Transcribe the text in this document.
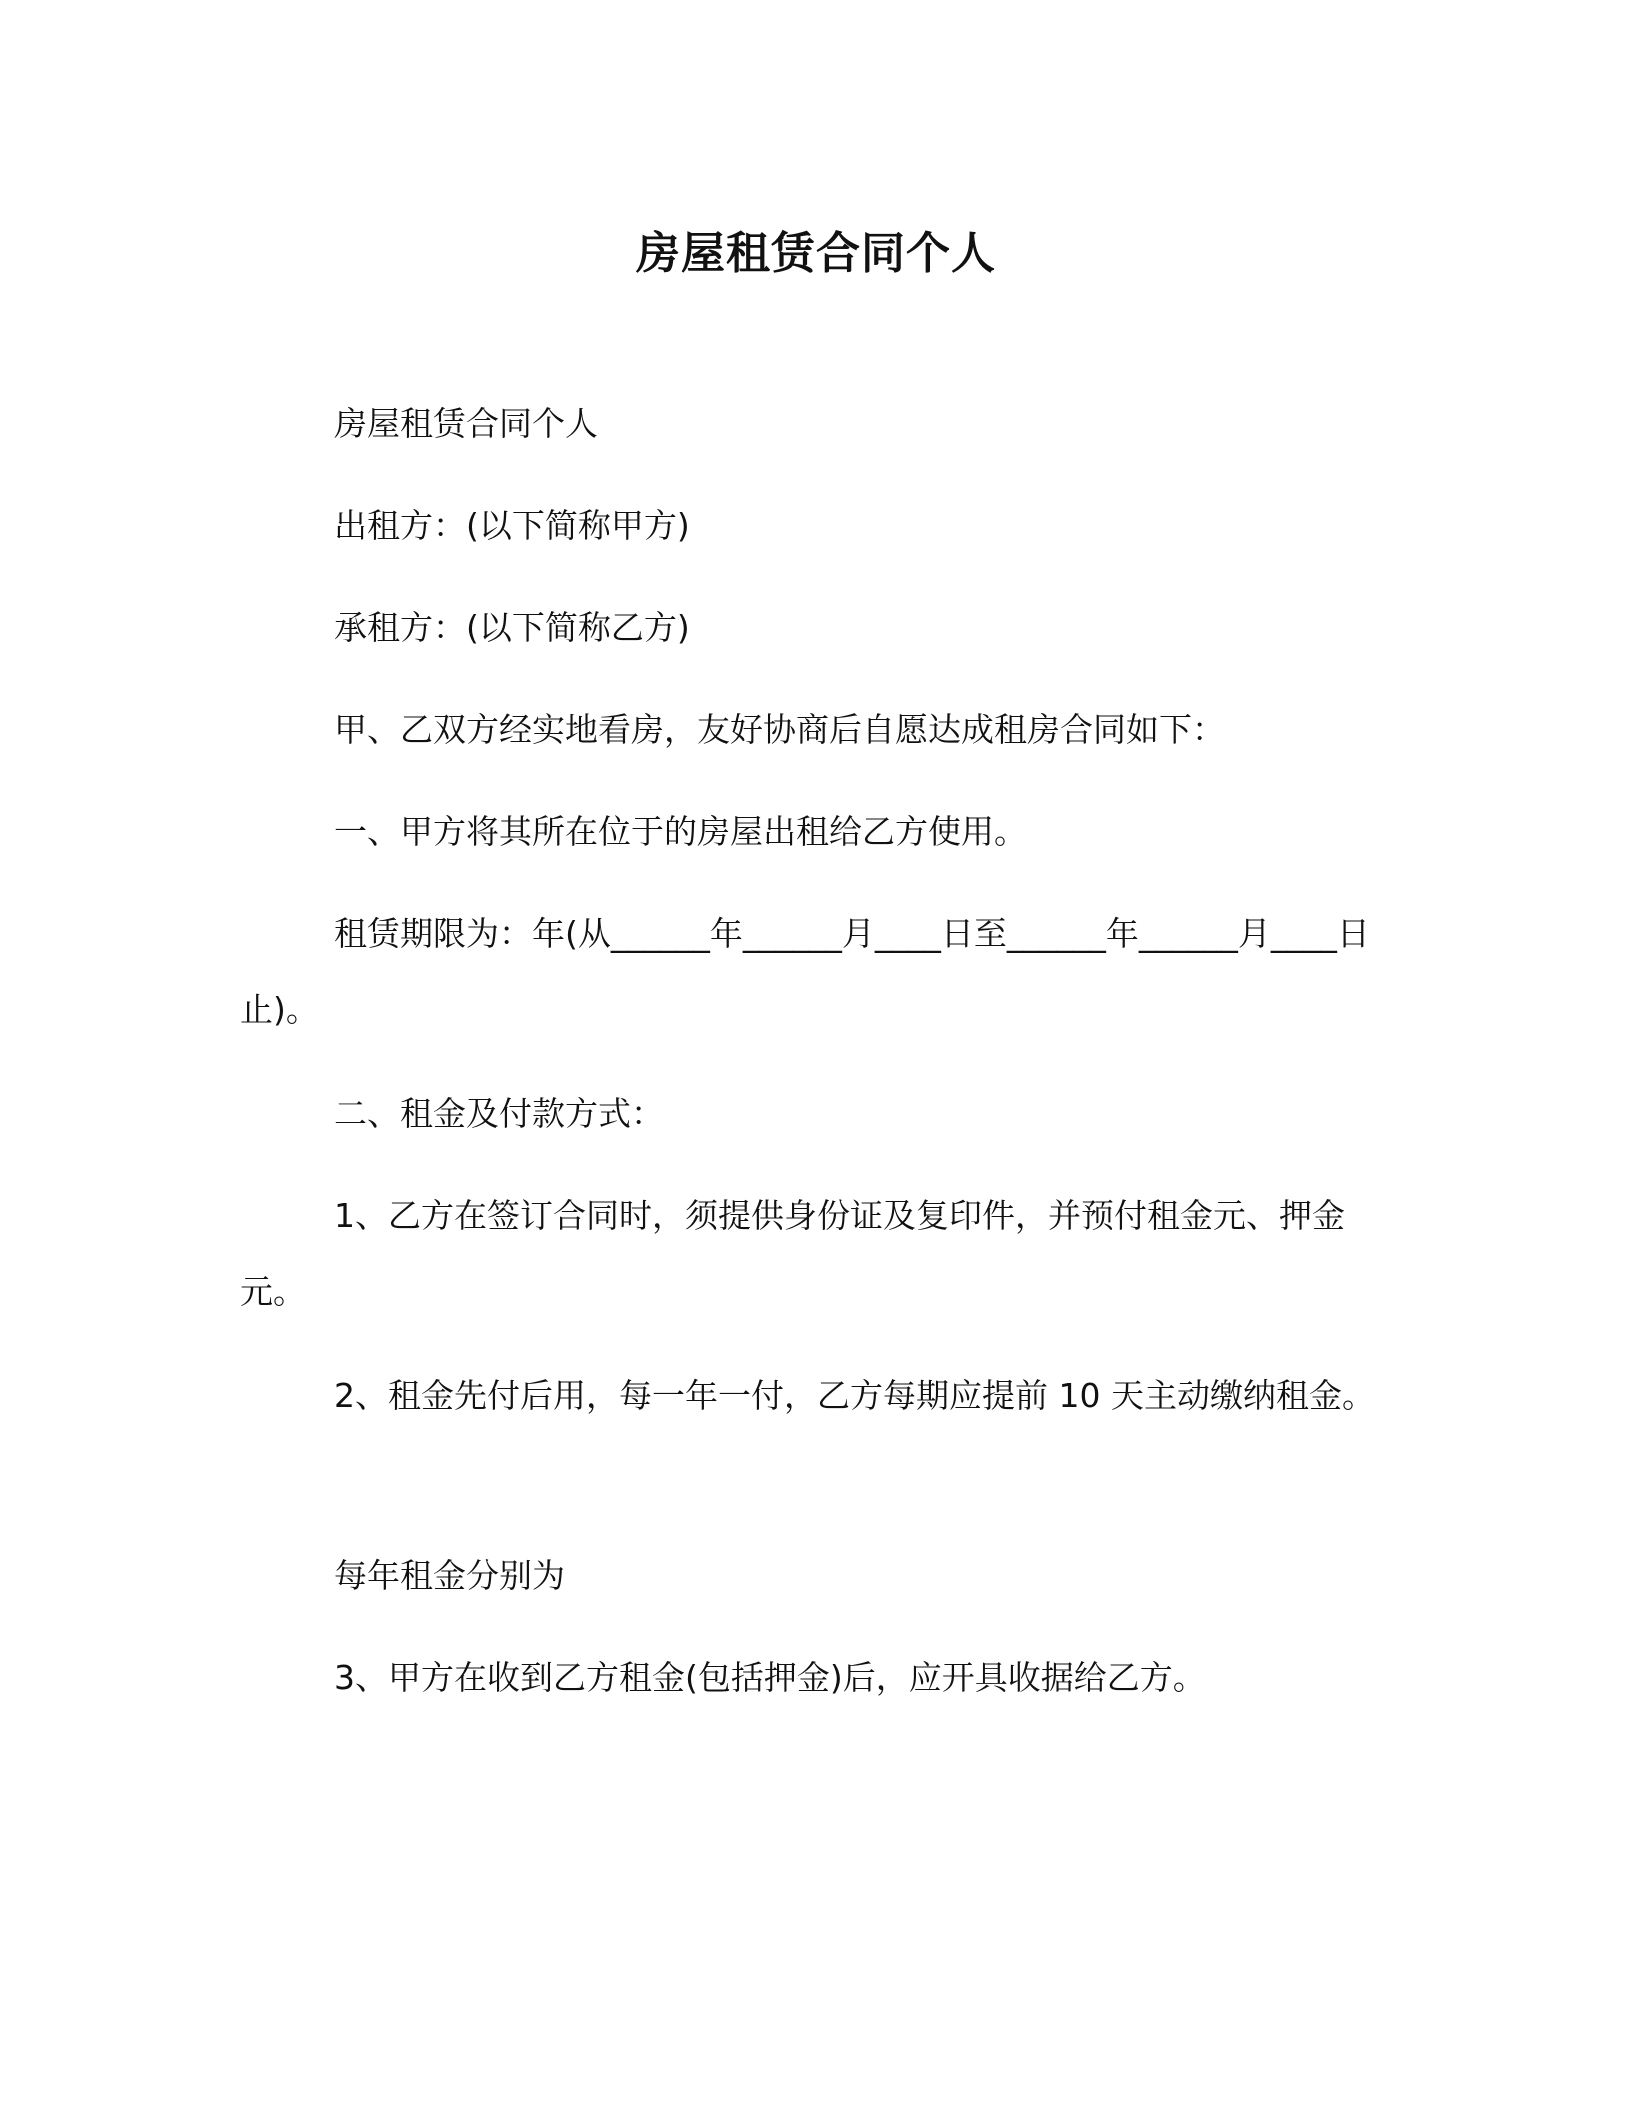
房屋租赁合同个人

房屋租赁合同个人

出租方：(以下简称甲方)

承租方：(以下简称乙方)

甲、乙双方经实地看房，友好协商后自愿达成租房合同如下：

一、甲方将其所在位于的房屋出租给乙方使用。

租赁期限为：年(从______年______月____日至______年______月____日止)。

二、租金及付款方式：

1、乙方在签订合同时，须提供身份证及复印件，并预付租金元、押金元。

2、租金先付后用，每一年一付，乙方每期应提前 10 天主动缴纳租金。

每年租金分别为

3、甲方在收到乙方租金(包括押金)后，应开具收据给乙方。
